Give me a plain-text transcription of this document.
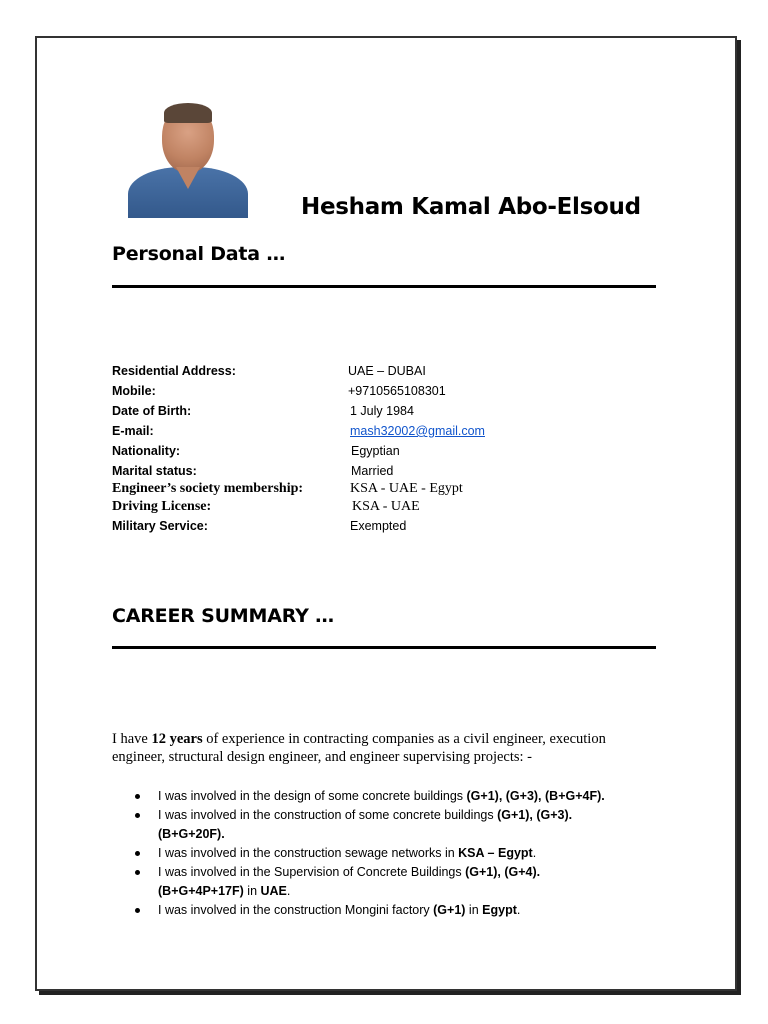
Hesham Kamal Abo-Elsoud
Personal Data …
Residential Address:	UAE – DUBAI
Mobile:	+9710565108301
Date of Birth:	1 July 1984
E-mail:	mash32002@gmail.com
Nationality:	Egyptian
Marital status:	Married
Engineer’s society membership:	KSA - UAE - Egypt
Driving License:	KSA - UAE
Military Service:	Exempted
CAREER SUMMARY …
I have 12 years of experience in contracting companies as a civil engineer, execution engineer, structural design engineer, and engineer supervising projects: -
I was involved in the design of some concrete buildings (G+1), (G+3), (B+G+4F).
I was involved in the construction of some concrete buildings (G+1), (G+3). (B+G+20F).
I was involved in the construction sewage networks in KSA – Egypt.
I was involved in the Supervision of Concrete Buildings (G+1), (G+4). (B+G+4P+17F) in UAE.
I was involved in the construction Mongini factory (G+1) in Egypt.
